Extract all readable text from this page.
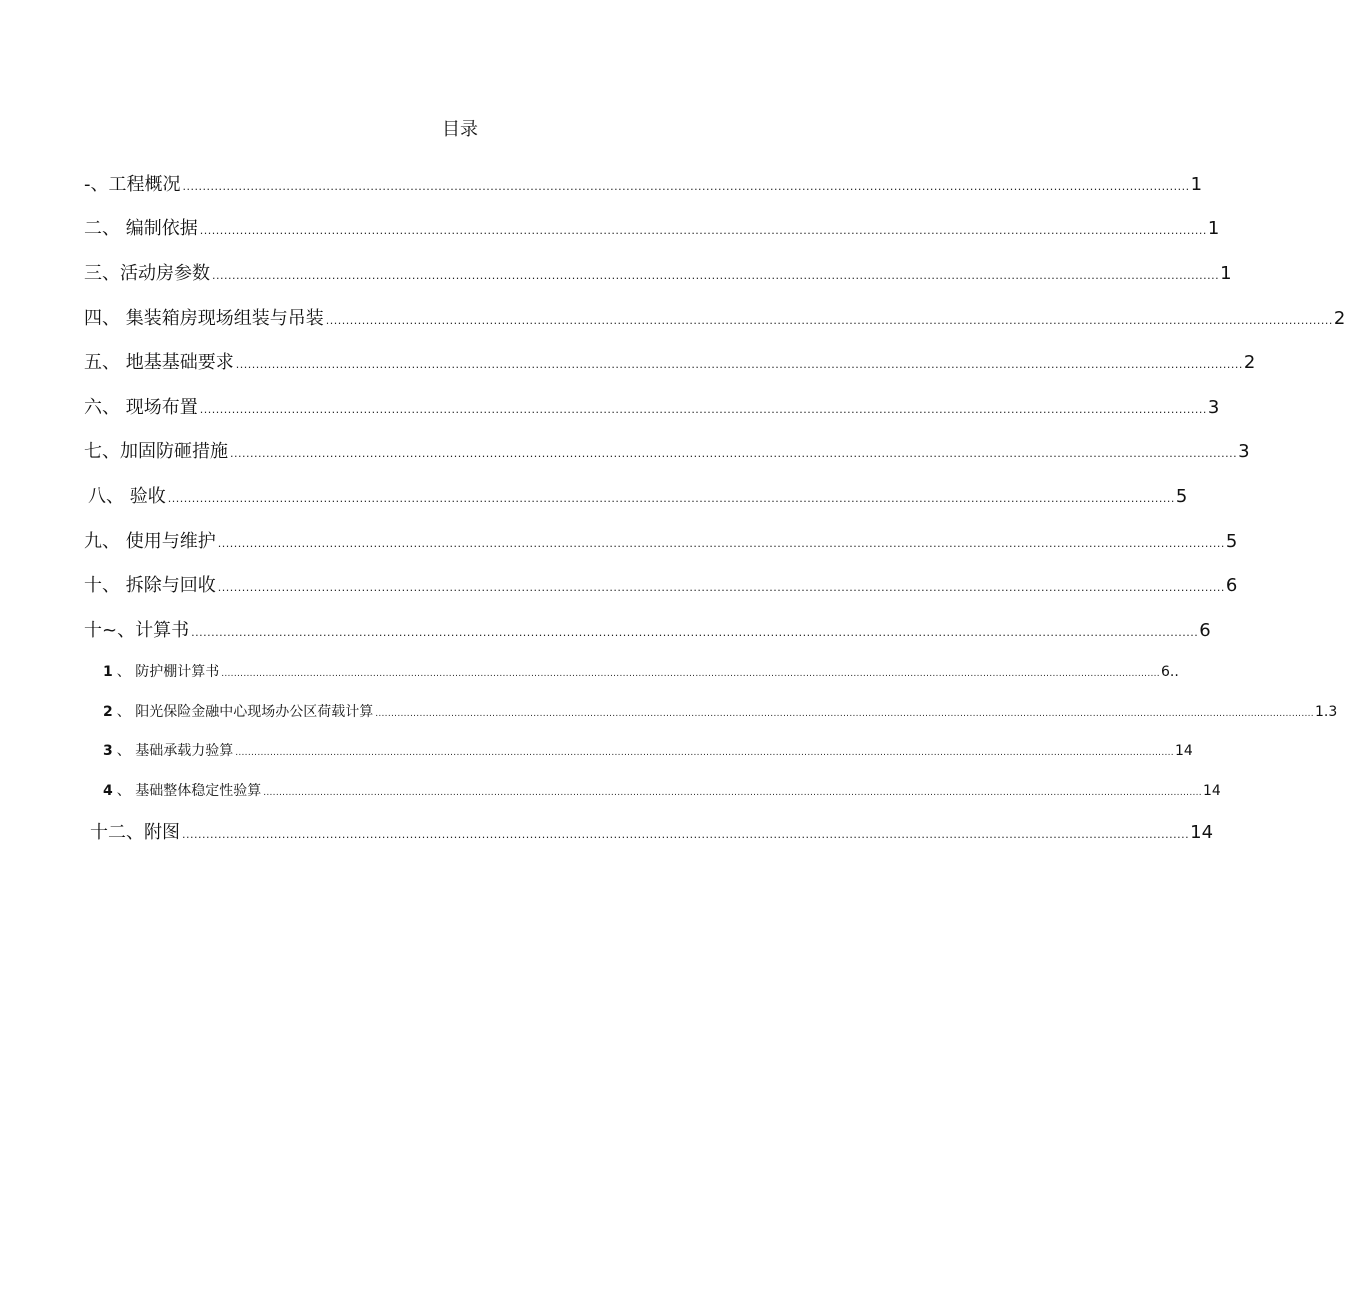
目录
-、工程概况 ............................................................................................................................................................................................................................................................ 1
二、 编制依据 ............................................................................................................................................................................................................................................................ 1
三、活动房参数 ............................................................................................................................................................................................................................................................ 1
四、 集装箱房现场组装与吊装 ............................................................................................................................................................................................................................................................ 2
五、 地基基础要求 ............................................................................................................................................................................................................................................................ 2
六、 现场布置 ............................................................................................................................................................................................................................................................ 3
七、加固防砸措施 ............................................................................................................................................................................................................................................................ 3
八、 验收 ............................................................................................................................................................................................................................................................ 5
九、 使用与维护 ............................................................................................................................................................................................................................................................ 5
十、 拆除与回收 ............................................................................................................................................................................................................................................................ 6
十~、计算书 ............................................................................................................................................................................................................................................................ 6
1 、 防护棚计算书 ......................................................................................................................................................................................................................................................................................................... 6..
2 、 阳光保险金融中心现场办公区荷载计算 ......................................................................................................................................................................................................................................................................................................... 1.3
3 、 基础承载力验算 ......................................................................................................................................................................................................................................................................................................... 14
4 、 基础整体稳定性验算 ......................................................................................................................................................................................................................................................................................................... 14
十二、附图 ............................................................................................................................................................................................................................................................ 14
